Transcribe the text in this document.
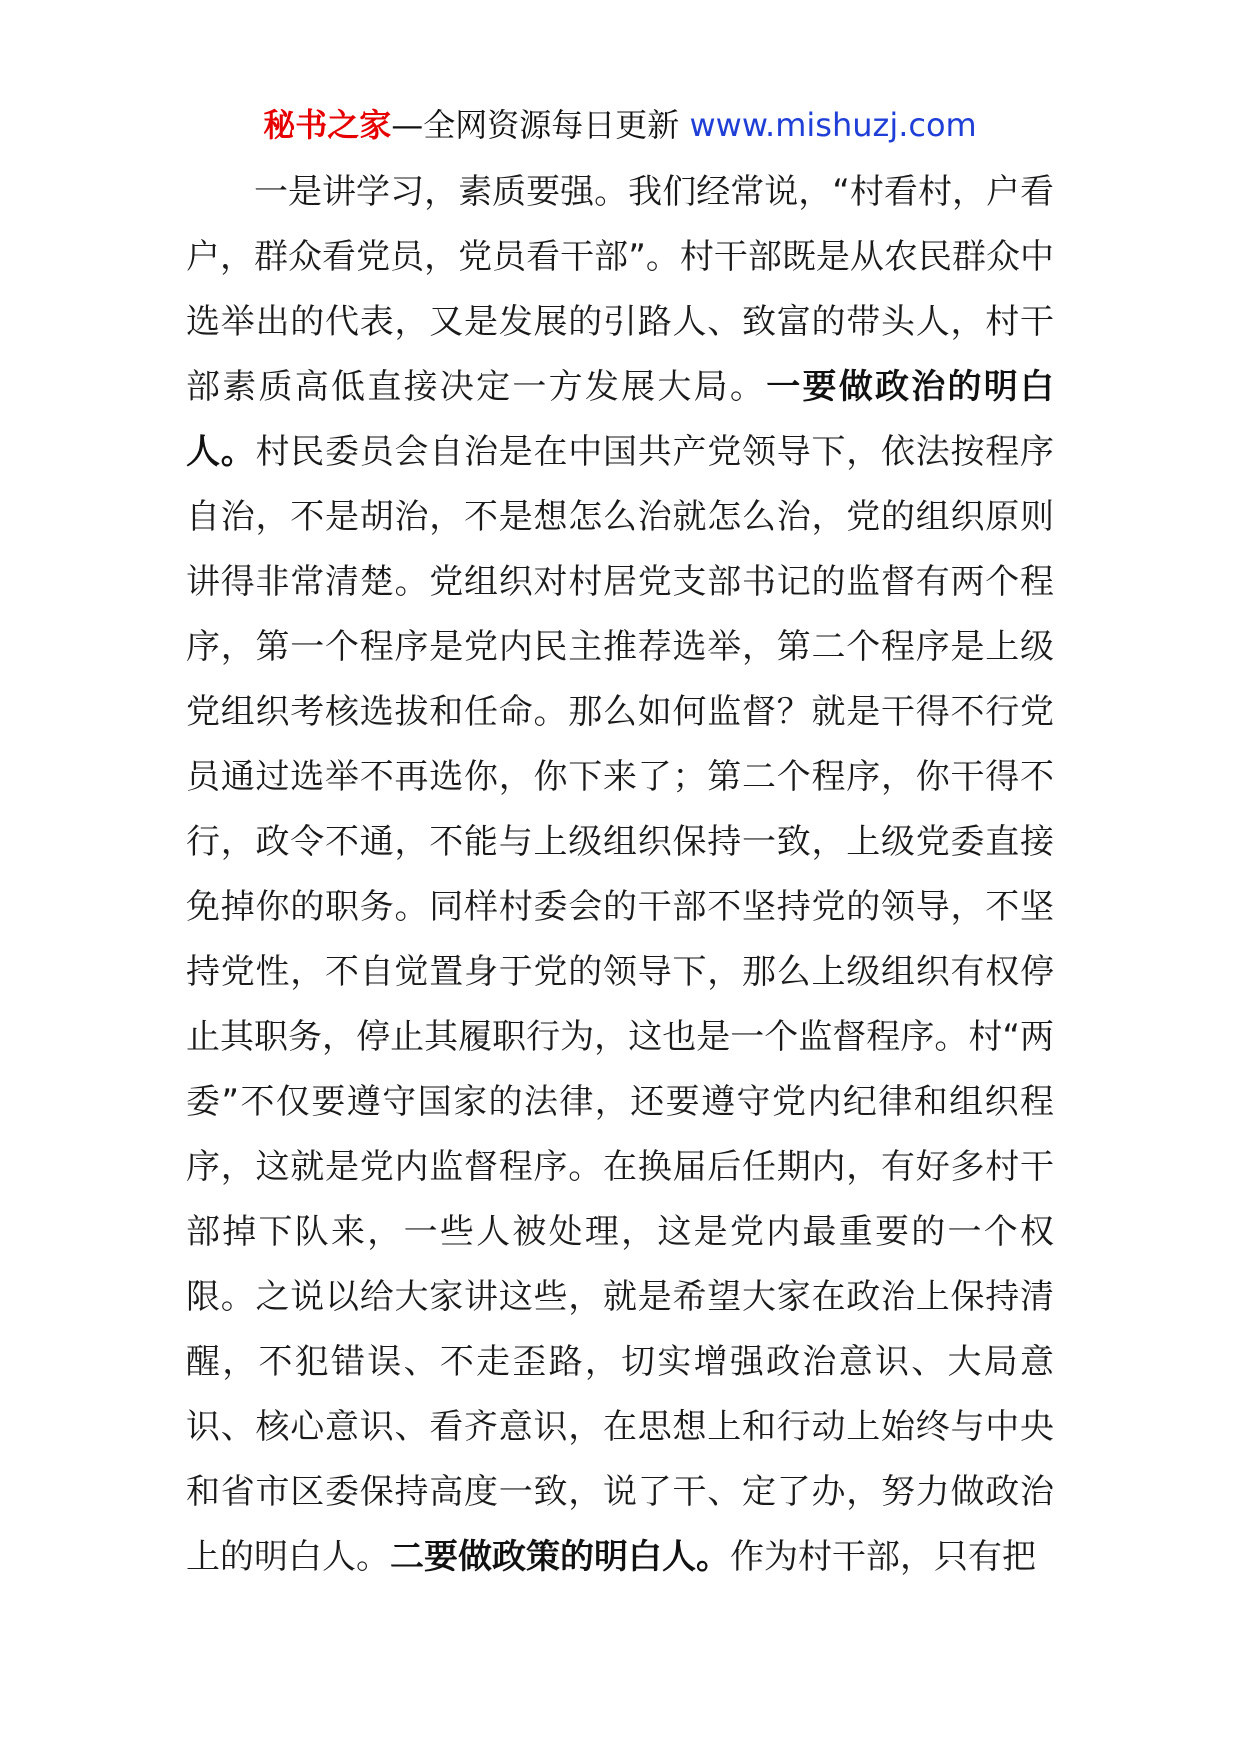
秘书之家—全网资源每日更新 www.mishuzj.com

一是讲学习，素质要强。我们经常说，“村看村，户看户，群众看党员，党员看干部”。村干部既是从农民群众中选举出的代表，又是发展的引路人、致富的带头人，村干部素质高低直接决定一方发展大局。一要做政治的明白人。村民委员会自治是在中国共产党领导下，依法按程序自治，不是胡治，不是想怎么治就怎么治，党的组织原则讲得非常清楚。党组织对村居党支部书记的监督有两个程序，第一个程序是党内民主推荐选举，第二个程序是上级党组织考核选拔和任命。那么如何监督？就是干得不行党员通过选举不再选你，你下来了；第二个程序，你干得不行，政令不通，不能与上级组织保持一致，上级党委直接免掉你的职务。同样村委会的干部不坚持党的领导，不坚持党性，不自觉置身于党的领导下，那么上级组织有权停止其职务，停止其履职行为，这也是一个监督程序。村“两委”不仅要遵守国家的法律，还要遵守党内纪律和组织程序，这就是党内监督程序。在换届后任期内，有好多村干部掉下队来，一些人被处理，这是党内最重要的一个权限。之说以给大家讲这些，就是希望大家在政治上保持清醒，不犯错误、不走歪路，切实增强政治意识、大局意识、核心意识、看齐意识，在思想上和行动上始终与中央和省市区委保持高度一致，说了干、定了办，努力做政治上的明白人。二要做政策的明白人。作为村干部，只有把
